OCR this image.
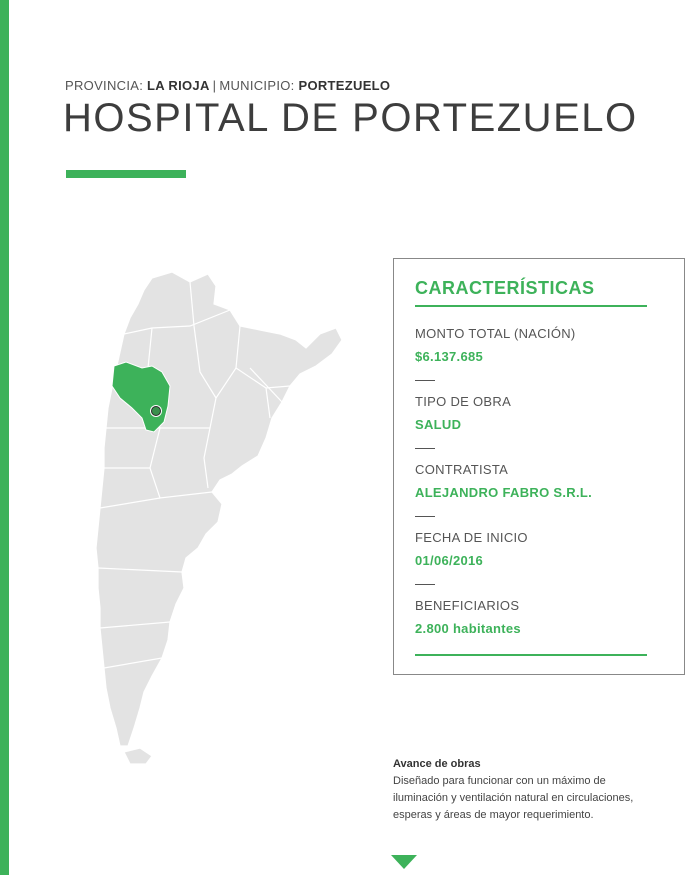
PROVINCIA: LA RIOJA | MUNICIPIO: PORTEZUELO
HOSPITAL DE PORTEZUELO
CARACTERÍSTICAS
MONTO TOTAL (NACIÓN)
$6.137.685
TIPO DE OBRA
SALUD
CONTRATISTA
ALEJANDRO FABRO S.R.L.
FECHA DE INICIO
01/06/2016
BENEFICIARIOS
2.800 habitantes
Avance de obras
Diseñado para funcionar con un máximo de iluminación y ventilación natural en circulaciones, esperas y áreas de mayor requerimiento.
